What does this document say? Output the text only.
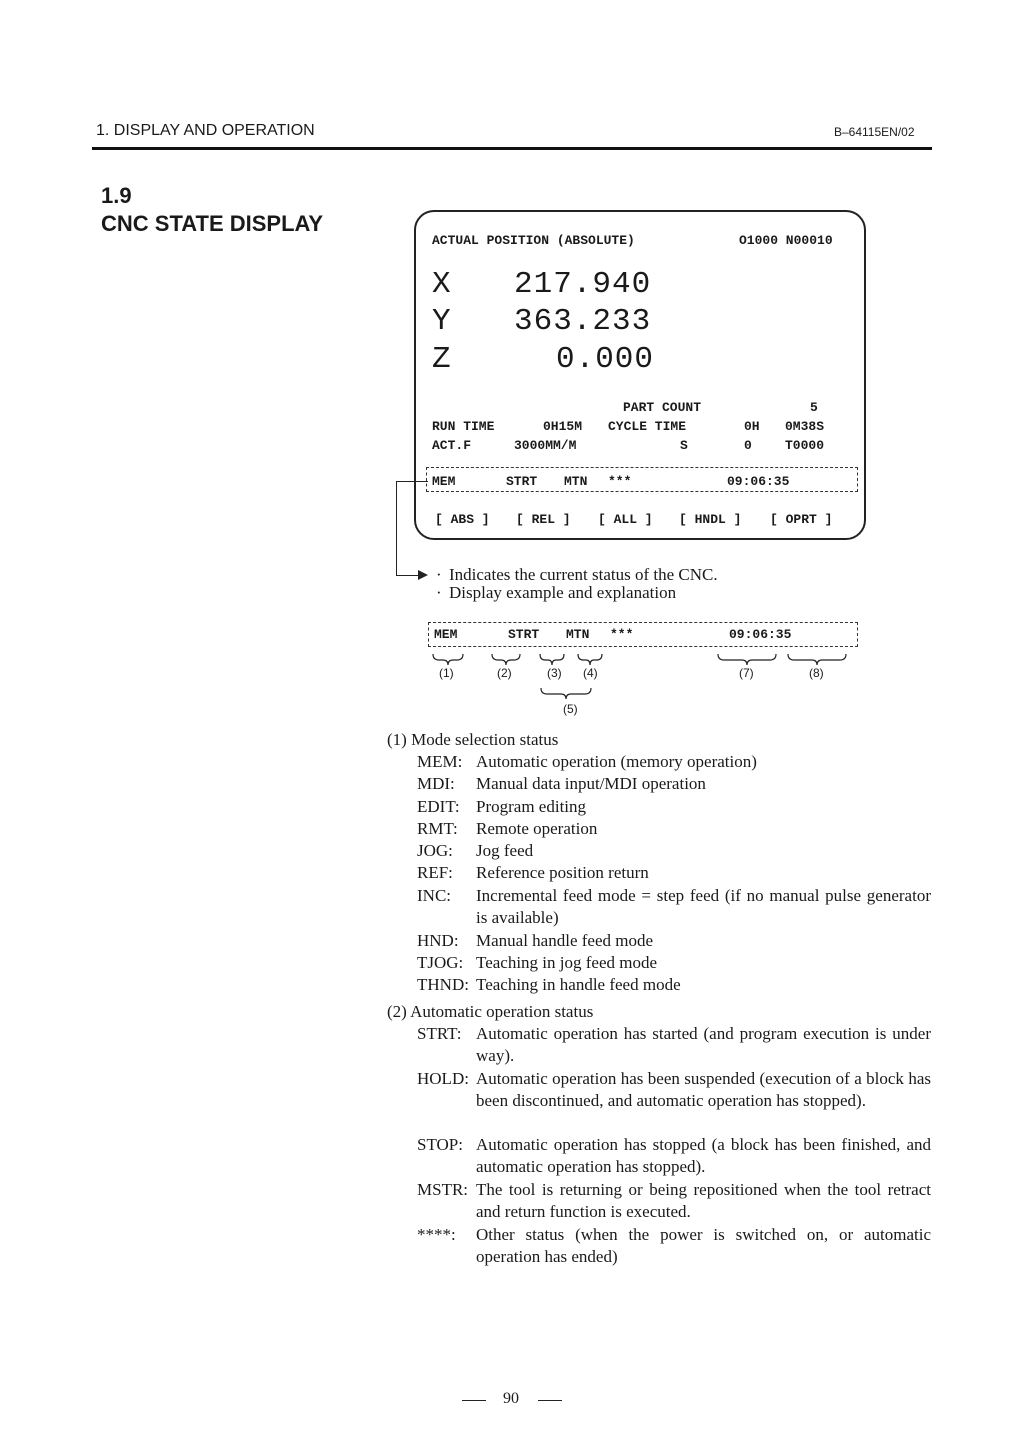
1. DISPLAY AND OPERATION	B–64115EN/02
1.9
CNC STATE DISPLAY
ACTUAL POSITION (ABSOLUTE)	O1000 N00010
X 217.940
Y 363.233
Z	0.000
PART COUNT	5
RUN TIME	0H15M CYCLE TIME	0H 0M38S
ACT.F	3000MM/M	S	0	T0000
MEM	STRT MTN ***	09:06:35
[ ABS ] [ REL ] [ ALL ] [ HNDL ] [ OPRT ]
· Indicates the current status of the CNC.
· Display example and explanation
MEM	STRT MTN ***	09:06:35
(1)	(2)	(3) (4)
(5)
(7)	(8)
(1) Mode selection status
MEM: Automatic operation (memory operation)
MDI: Manual data input/MDI operation
EDIT: Program editing
RMT: Remote operation
JOG: Jog feed
REF: Reference position return
INC: Incremental feed mode = step feed (if no manual pulse generator is available)
HND: Manual handle feed mode
TJOG: Teaching in jog feed mode
THND: Teaching in handle feed mode
(2) Automatic operation status
STRT: Automatic operation has started (and program execution is under way).
HOLD: Automatic operation has been suspended (execution of a block has been discontinued, and automatic operation has stopped).
STOP: Automatic operation has stopped (a block has been finished, and automatic operation has stopped).
MSTR: The tool is returning or being repositioned when the tool retract and return function is executed.
****: Other status (when the power is switched on, or automatic operation has ended)
90
